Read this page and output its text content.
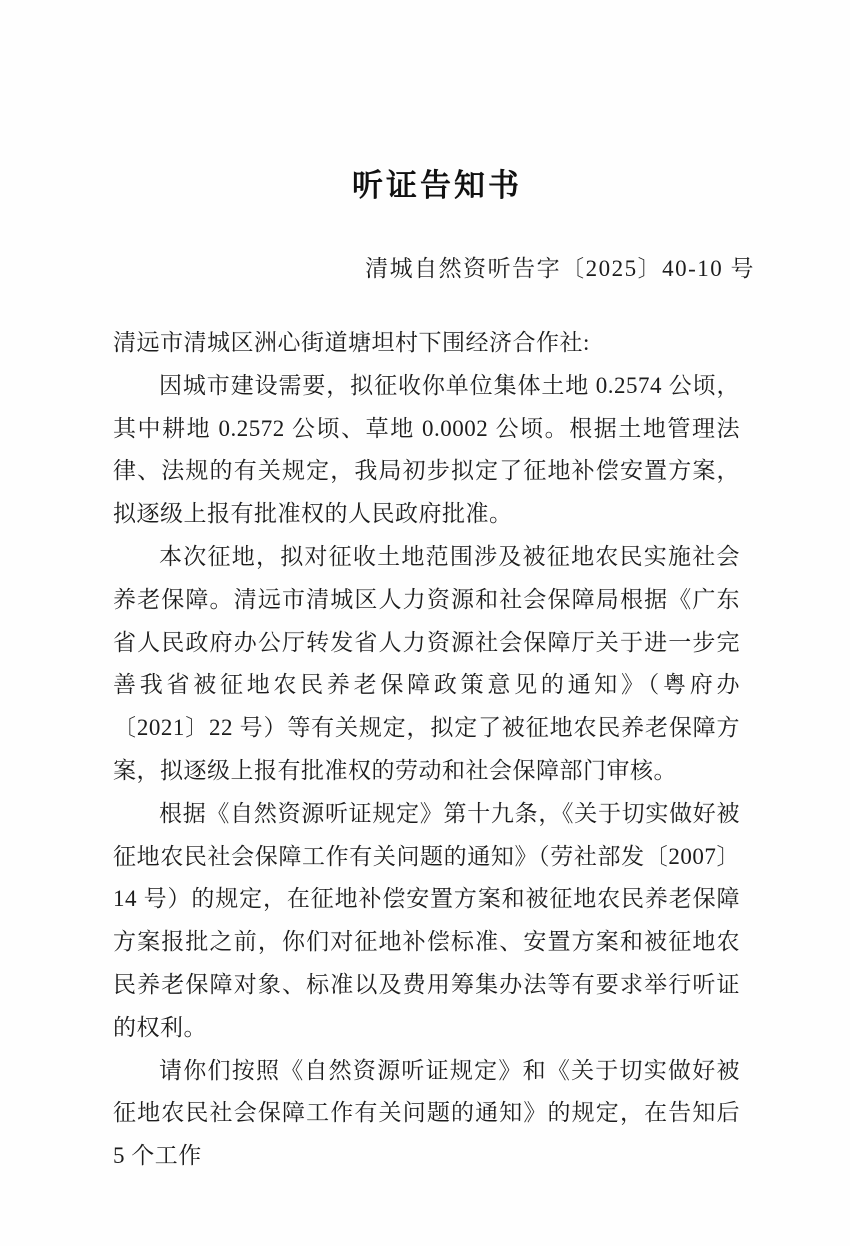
听证告知书
清城自然资听告字〔2025〕40-10 号

清远市清城区洲心街道塘坦村下围经济合作社:

因城市建设需要，拟征收你单位集体土地 0.2574 公顷，其中耕地 0.2572 公顷、草地 0.0002 公顷。根据土地管理法律、法规的有关规定，我局初步拟定了征地补偿安置方案，拟逐级上报有批准权的人民政府批准。

本次征地，拟对征收土地范围涉及被征地农民实施社会养老保障。清远市清城区人力资源和社会保障局根据《广东省人民政府办公厅转发省人力资源社会保障厅关于进一步完善我省被征地农民养老保障政策意见的通知》（粤府办〔2021〕22 号）等有关规定，拟定了被征地农民养老保障方案，拟逐级上报有批准权的劳动和社会保障部门审核。

根据《自然资源听证规定》第十九条，《关于切实做好被征地农民社会保障工作有关问题的通知》（劳社部发〔2007〕14 号）的规定，在征地补偿安置方案和被征地农民养老保障方案报批之前，你们对征地补偿标准、安置方案和被征地农民养老保障对象、标准以及费用筹集办法等有要求举行听证的权利。

请你们按照《自然资源听证规定》和《关于切实做好被征地农民社会保障工作有关问题的通知》的规定，在告知后 5 个工作
